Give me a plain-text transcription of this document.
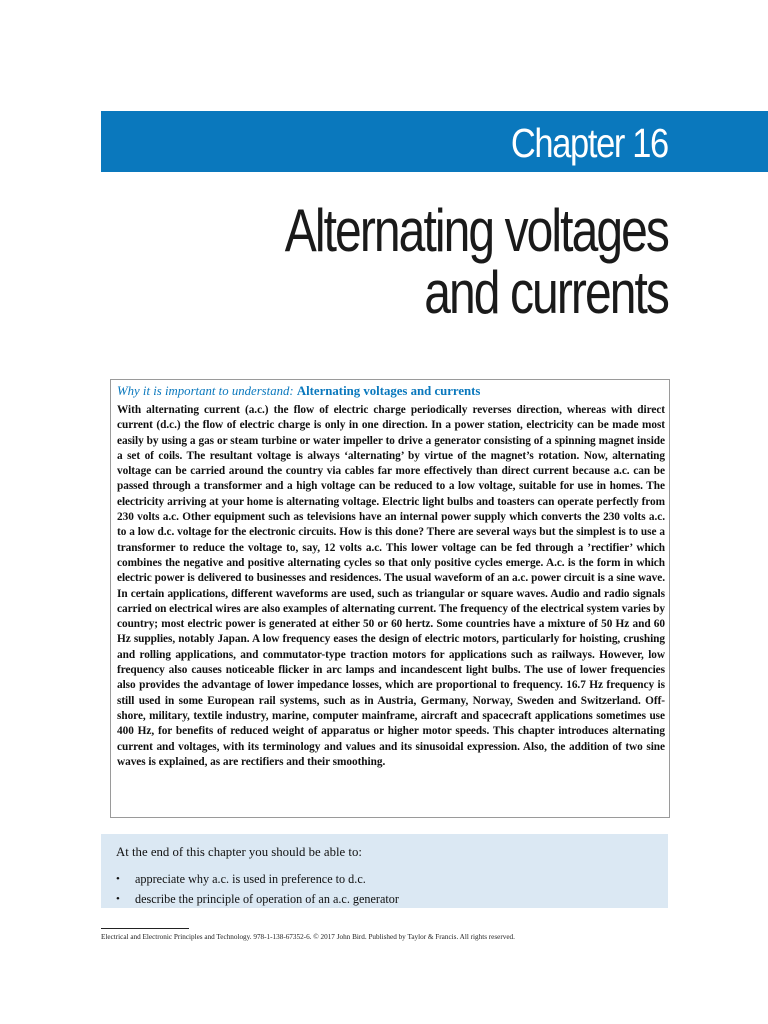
Chapter 16
Alternating voltages
and currents

Why it is important to understand: Alternating voltages and currents

With alternating current (a.c.) the flow of electric charge periodically reverses direction, whereas with direct current (d.c.) the flow of electric charge is only in one direction. In a power station, electricity can be made most easily by using a gas or steam turbine or water impeller to drive a generator consisting of a spinning magnet inside a set of coils. The resultant voltage is always ‘alternating’ by virtue of the magnet’s rotation. Now, alternating voltage can be carried around the country via cables far more effectively than direct current because a.c. can be passed through a transformer and a high voltage can be reduced to a low voltage, suitable for use in homes. The electricity arriving at your home is alternating voltage. Electric light bulbs and toasters can operate perfectly from 230 volts a.c. Other equipment such as televisions have an internal power supply which converts the 230 volts a.c. to a low d.c. voltage for the electronic circuits. How is this done? There are several ways but the simplest is to use a transformer to reduce the voltage to, say, 12 volts a.c. This lower voltage can be fed through a ’rectifier’ which combines the negative and positive alternating cycles so that only positive cycles emerge. A.c. is the form in which electric power is delivered to businesses and residences. The usual waveform of an a.c. power circuit is a sine wave. In certain applications, different waveforms are used, such as triangular or square waves. Audio and radio signals carried on electrical wires are also examples of alternating current. The frequency of the electrical system varies by country; most electric power is generated at either 50 or 60 hertz. Some countries have a mixture of 50 Hz and 60 Hz supplies, notably Japan. A low frequency eases the design of electric motors, particularly for hoisting, crushing and rolling applications, and commutator-type traction motors for applications such as railways. However, low frequency also causes noticeable flicker in arc lamps and incandescent light bulbs. The use of lower frequencies also provides the advantage of lower impedance losses, which are proportional to frequency. 16.7 Hz frequency is still used in some European rail systems, such as in Austria, Germany, Norway, Sweden and Switzerland. Off-shore, military, textile industry, marine, computer mainframe, aircraft and spacecraft applications sometimes use 400 Hz, for benefits of reduced weight of apparatus or higher motor speeds. This chapter introduces alternating current and voltages, with its terminology and values and its sinusoidal expression. Also, the addition of two sine waves is explained, as are rectifiers and their smoothing.

At the end of this chapter you should be able to:

• appreciate why a.c. is used in preference to d.c.
• describe the principle of operation of an a.c. generator
Electrical and Electronic Principles and Technology. 978-1-138-67352-6. © 2017 John Bird. Published by Taylor & Francis. All rights reserved.
